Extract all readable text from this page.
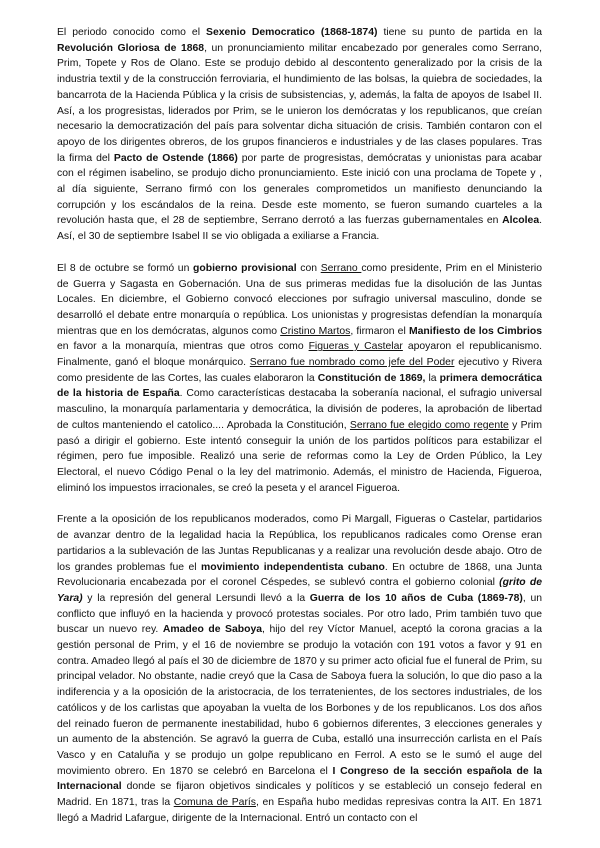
El periodo conocido como el Sexenio Democratico (1868-1874) tiene su punto de partida en la Revolución Gloriosa de 1868, un pronunciamiento militar encabezado por generales como Serrano, Prim, Topete y Ros de Olano. Este se produjo debido al descontento generalizado por la crisis de la industria textil y de la construcción ferroviaria, el hundimiento de las bolsas, la quiebra de sociedades, la bancarrota de la Hacienda Pública y la crisis de subsistencias, y, además, la falta de apoyos de Isabel II. Así, a los progresistas, liderados por Prim, se le unieron los demócratas y los republicanos, que creían necesario la democratización del país para solventar dicha situación de crisis. También contaron con el apoyo de los dirigentes obreros, de los grupos financieros e industriales y de las clases populares. Tras la firma del Pacto de Ostende (1866) por parte de progresistas, demócratas y unionistas para acabar con el régimen isabelino, se produjo dicho pronunciamiento. Este inició con una proclama de Topete y , al día siguiente, Serrano firmó con los generales comprometidos un manifiesto denunciando la corrupción y los escándalos de la reina. Desde este momento, se fueron sumando cuarteles a la revolución hasta que, el 28 de septiembre, Serrano derrotó a las fuerzas gubernamentales en Alcolea. Así, el 30 de septiembre Isabel II se vio obligada a exiliarse a Francia.

El 8 de octubre se formó un gobierno provisional con Serrano como presidente, Prim en el Ministerio de Guerra y Sagasta en Gobernación. Una de sus primeras medidas fue la disolución de las Juntas Locales. En diciembre, el Gobierno convocó elecciones por sufragio universal masculino, donde se desarrolló el debate entre monarquía o república. Los unionistas y progresistas defendían la monarquía mientras que en los demócratas, algunos como Cristino Martos, firmaron el Manifiesto de los Cimbrios en favor a la monarquía, mientras que otros como Figueras y Castelar apoyaron el republicanismo. Finalmente, ganó el bloque monárquico. Serrano fue nombrado como jefe del Poder ejecutivo y Rivera como presidente de las Cortes, las cuales elaboraron la Constitución de 1869, la primera democrática de la historia de España. Como características destacaba la soberanía nacional, el sufragio universal masculino, la monarquía parlamentaria y democrática, la división de poderes, la aprobación de libertad de cultos manteniendo el catolico.... Aprobada la Constitución, Serrano fue elegido como regente y Prim pasó a dirigir el gobierno. Este intentó conseguir la unión de los partidos políticos para estabilizar el régimen, pero fue imposible. Realizó una serie de reformas como la Ley de Orden Público, la Ley Electoral, el nuevo Código Penal o la ley del matrimonio. Además, el ministro de Hacienda, Figueroa, eliminó los impuestos irracionales, se creó la peseta y el arancel Figueroa.

Frente a la oposición de los republicanos moderados, como Pi Margall, Figueras o Castelar, partidarios de avanzar dentro de la legalidad hacia la República, los republicanos radicales como Orense eran partidarios a la sublevación de las Juntas Republicanas y a realizar una revolución desde abajo. Otro de los grandes problemas fue el movimiento independentista cubano. En octubre de 1868, una Junta Revolucionaria encabezada por el coronel Céspedes, se sublevó contra el gobierno colonial (grito de Yara) y la represión del general Lersundi llevó a la Guerra de los 10 años de Cuba (1869-78), un conflicto que influyó en la hacienda y provocó protestas sociales. Por otro lado, Prim también tuvo que buscar un nuevo rey. Amadeo de Saboya, hijo del rey Víctor Manuel, aceptó la corona gracias a la gestión personal de Prim, y el 16 de noviembre se produjo la votación con 191 votos a favor y 91 en contra. Amadeo llegó al país el 30 de diciembre de 1870 y su primer acto oficial fue el funeral de Prim, su principal velador. No obstante, nadie creyó que la Casa de Saboya fuera la solución, lo que dio paso a la indiferencia y a la oposición de la aristocracia, de los terratenientes, de los sectores industriales, de los católicos y de los carlistas que apoyaban la vuelta de los Borbones y de los republicanos. Los dos años del reinado fueron de permanente inestabilidad, hubo 6 gobiernos diferentes, 3 elecciones generales y un aumento de la abstención. Se agravó la guerra de Cuba, estalló una insurrección carlista en el País Vasco y en Cataluña y se produjo un golpe republicano en Ferrol. A esto se le sumó el auge del movimiento obrero. En 1870 se celebró en Barcelona el I Congreso de la sección española de la Internacional donde se fijaron objetivos sindicales y políticos y se estableció un consejo federal en Madrid. En 1871, tras la Comuna de París, en España hubo medidas represivas contra la AIT. En 1871 llegó a Madrid Lafargue, dirigente de la Internacional. Entró un contacto con el
